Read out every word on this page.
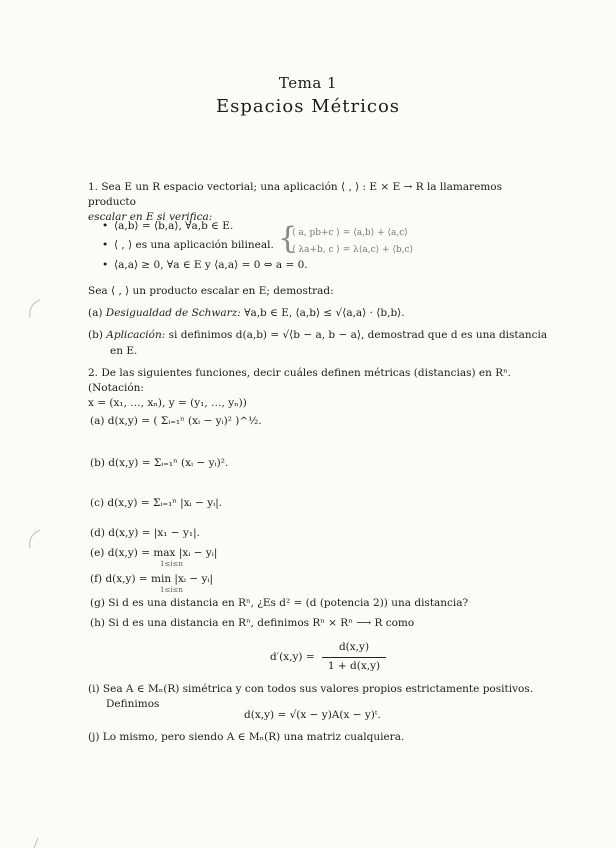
Tema 1
Espacios Métricos
1. Sea E un R espacio vectorial; una aplicación ⟨ , ⟩ : E × E → R la llamaremos producto
escalar en E si verifica:
• ⟨a,b⟩ = ⟨b,a⟩, ∀a,b ∈ E.
• ⟨ , ⟩ es una aplicación bilineal.
• ⟨a,a⟩ ≥ 0, ∀a ∈ E y ⟨a,a⟩ = 0 ⇔ a = 0.
{
⟨ a, pb+c ⟩ = ⟨a,b⟩ + ⟨a,c⟩
⟨ λa+b, c ⟩ = λ⟨a,c⟩ + ⟨b,c⟩
Sea ⟨ , ⟩ un producto escalar en E; demostrad:
(a) Desigualdad de Schwarz: ∀a,b ∈ E, ⟨a,b⟩ ≤ √⟨a,a⟩ · ⟨b,b⟩.
(b) Aplicación: si definimos d(a,b) = √⟨b − a, b − a⟩, demostrad que d es una distancia
en E.
2. De las siguientes funciones, decir cuáles definen métricas (distancias) en Rⁿ. (Notación:
x = (x₁, …, xₙ), y = (y₁, …, yₙ))
(a) d(x,y) = ( Σᵢ₌₁ⁿ (xᵢ − yᵢ)² )^½.
(b) d(x,y) = Σᵢ₌₁ⁿ (xᵢ − yᵢ)².
(c) d(x,y) = Σᵢ₌₁ⁿ |xᵢ − yᵢ|.
(d) d(x,y) = |x₁ − y₁|.
(e) d(x,y) = max |xᵢ − yᵢ|
1≤i≤n
(f) d(x,y) = min |xᵢ − yᵢ|
1≤i≤n
(g) Si d es una distancia en Rⁿ, ¿Es d² = (d (potencia 2)) una distancia?
(h) Si d es una distancia en Rⁿ, definimos Rⁿ × Rⁿ ⟶ R como
d′(x,y) =
d(x,y)
1 + d(x,y)
(i) Sea A ∈ Mₙ(R) simétrica y con todos sus valores propios estrictamente positivos.
Definimos
d(x,y) = √(x − y)A(x − y)ᵗ.
(j) Lo mismo, pero siendo A ∈ Mₙ(R) una matriz cualquiera.
